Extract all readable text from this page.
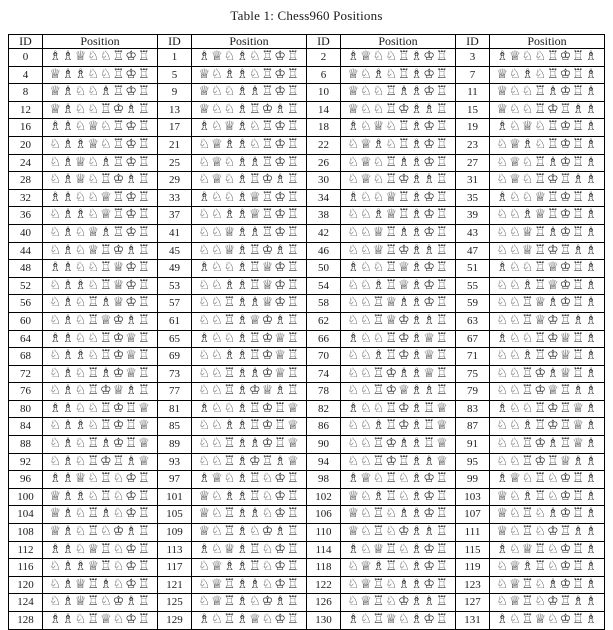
Table 1: Chess960 Positions
ID	Position	ID	Position	ID	Position	ID	Position
0	♗♗♕♘♘♖♔♖	1	♗♕♘♗♘♖♔♖	2	♗♕♘♘♖♗♔♖	3	♗♕♘♘♖♔♖♗
4	♕♗♗♘♘♖♔♖	5	♕♘♗♗♘♖♔♖	6	♕♘♗♘♖♗♔♖	7	♕♘♗♘♖♔♖♗
8	♕♗♘♘♗♖♔♖	9	♕♘♘♗♗♖♔♖	10	♕♘♘♖♗♗♔♖	11	♕♘♘♖♗♔♖♗
12	♕♗♘♘♖♔♗♖	13	♕♘♘♗♖♔♗♖	14	♕♘♘♖♔♗♗♖	15	♕♘♘♖♔♖♗♗
16	♗♗♘♕♘♖♔♖	17	♗♘♕♗♘♖♔♖	18	♗♘♕♘♖♗♔♖	19	♗♘♕♘♖♔♖♗
20	♘♗♗♕♘♖♔♖	21	♘♕♗♗♘♖♔♖	22	♘♕♗♘♖♗♔♖	23	♘♕♗♘♖♔♖♗
24	♘♗♕♘♗♖♔♖	25	♘♕♘♗♗♖♔♖	26	♘♕♘♖♗♗♔♖	27	♘♕♘♖♗♔♖♗
28	♘♗♕♘♖♔♗♖	29	♘♕♘♗♖♔♗♖	30	♘♕♘♖♔♗♗♖	31	♘♕♘♖♔♖♗♗
32	♗♗♘♘♕♖♔♖	33	♗♘♘♗♕♖♔♖	34	♗♘♘♕♖♗♔♖	35	♗♘♘♕♖♔♖♗
36	♘♗♗♘♕♖♔♖	37	♘♘♗♗♕♖♔♖	38	♘♘♗♕♖♗♔♖	39	♘♘♗♕♖♔♖♗
40	♘♗♘♕♗♖♔♖	41	♘♘♕♗♗♖♔♖	42	♘♘♕♖♗♗♔♖	43	♘♘♕♖♗♔♖♗
44	♘♗♘♕♖♔♗♖	45	♘♘♕♗♖♔♗♖	46	♘♘♕♖♔♗♗♖	47	♘♘♕♖♔♖♗♗
48	♗♗♘♘♖♕♔♖	49	♗♘♘♗♖♕♔♖	50	♗♘♘♖♕♗♔♖	51	♗♘♘♖♕♔♖♗
52	♘♗♗♘♖♕♔♖	53	♘♘♗♗♖♕♔♖	54	♘♘♗♖♕♗♔♖	55	♘♘♗♖♕♔♖♗
56	♘♗♘♖♗♕♔♖	57	♘♘♖♗♗♕♔♖	58	♘♘♖♕♗♗♔♖	59	♘♘♖♕♗♔♖♗
60	♘♗♘♖♕♔♗♖	61	♘♘♖♗♕♔♗♖	62	♘♘♖♕♔♗♗♖	63	♘♘♖♕♔♖♗♗
64	♗♗♘♘♖♔♕♖	65	♗♘♘♗♖♔♕♖	66	♗♘♘♖♔♗♕♖	67	♗♘♘♖♔♕♖♗
68	♘♗♗♘♖♔♕♖	69	♘♘♗♗♖♔♕♖	70	♘♘♗♖♔♗♕♖	71	♘♘♗♖♔♕♖♗
72	♘♗♘♖♗♔♕♖	73	♘♘♖♗♗♔♕♖	74	♘♘♖♔♗♗♕♖	75	♘♘♖♔♗♕♖♗
76	♘♗♘♖♔♕♗♖	77	♘♘♖♗♔♕♗♖	78	♘♘♖♔♕♗♗♖	79	♘♘♖♔♕♖♗♗
80	♗♗♘♘♖♔♖♕	81	♗♘♘♗♖♔♖♕	82	♗♘♘♖♔♗♖♕	83	♗♘♘♖♔♖♕♗
84	♘♗♗♘♖♔♖♕	85	♘♘♗♗♖♔♖♕	86	♘♘♗♖♔♗♖♕	87	♘♘♗♖♔♖♕♗
88	♘♗♘♖♗♔♖♕	89	♘♘♖♗♗♔♖♕	90	♘♘♖♔♗♗♖♕	91	♘♘♖♔♗♖♕♗
92	♘♗♘♖♔♖♗♕	93	♘♘♖♗♔♖♗♕	94	♘♘♖♔♖♗♗♕	95	♘♘♖♔♖♕♗♗
96	♗♗♕♘♖♘♔♖	97	♗♕♘♗♖♘♔♖	98	♗♕♘♖♘♗♔♖	99	♗♕♘♖♘♔♖♗
100	♕♗♗♘♖♘♔♖	101	♕♘♗♗♖♘♔♖	102	♕♘♗♖♘♗♔♖	103	♕♘♗♖♘♔♖♗
104	♕♗♘♖♗♘♔♖	105	♕♘♖♗♗♘♔♖	106	♕♘♖♘♗♗♔♖	107	♕♘♖♘♗♔♖♗
108	♕♗♘♖♘♔♗♖	109	♕♘♖♗♘♔♗♖	110	♕♘♖♘♔♗♗♖	111	♕♘♖♘♔♖♗♗
112	♗♗♘♕♖♘♔♖	113	♗♘♕♗♖♘♔♖	114	♗♘♕♖♘♗♔♖	115	♗♘♕♖♘♔♖♗
116	♘♗♗♕♖♘♔♖	117	♘♕♗♗♖♘♔♖	118	♘♕♗♖♘♗♔♖	119	♘♕♗♖♘♔♖♗
120	♘♗♕♖♗♘♔♖	121	♘♕♖♗♗♘♔♖	122	♘♕♖♘♗♗♔♖	123	♘♕♖♘♗♔♖♗
124	♘♗♕♖♘♔♗♖	125	♘♕♖♗♘♔♗♖	126	♘♕♖♘♔♗♗♖	127	♘♕♖♘♔♖♗♗
128	♗♗♘♖♕♘♔♖	129	♗♘♖♗♕♘♔♖	130	♗♘♖♕♘♗♔♖	131	♗♘♖♕♘♔♖♗
